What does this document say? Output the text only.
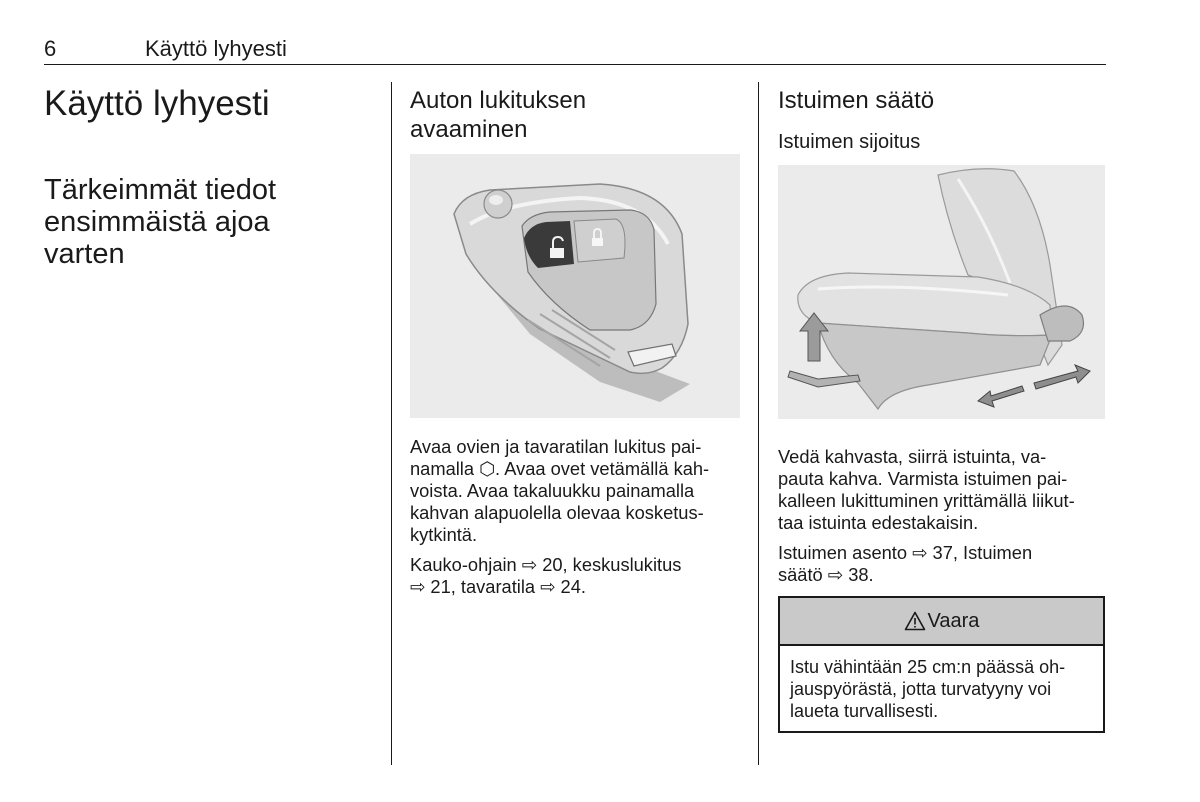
6	Käyttö lyhyesti
Käyttö lyhyesti
Tärkeimmät tiedot
ensimmäistä ajoa
varten
Auton lukituksen
avaaminen
Avaa ovien ja tavaratilan lukitus pai-
namalla ⬡. Avaa ovet vetämällä kah-
voista. Avaa takaluukku painamalla
kahvan alapuolella olevaa kosketus-
kytkintä.
Kauko-ohjain ⇨ 20, keskuslukitus
⇨ 21, tavaratila ⇨ 24.
Istuimen säätö
Istuimen sijoitus
Vedä kahvasta, siirrä istuinta, va-
pauta kahva. Varmista istuimen pai-
kalleen lukittuminen yrittämällä liikut-
taa istuinta edestakaisin.
Istuimen asento ⇨ 37, Istuimen
säätö ⇨ 38.
Vaara
Istu vähintään 25 cm:n päässä oh-
jauspyörästä, jotta turvatyyny voi
laueta turvallisesti.
